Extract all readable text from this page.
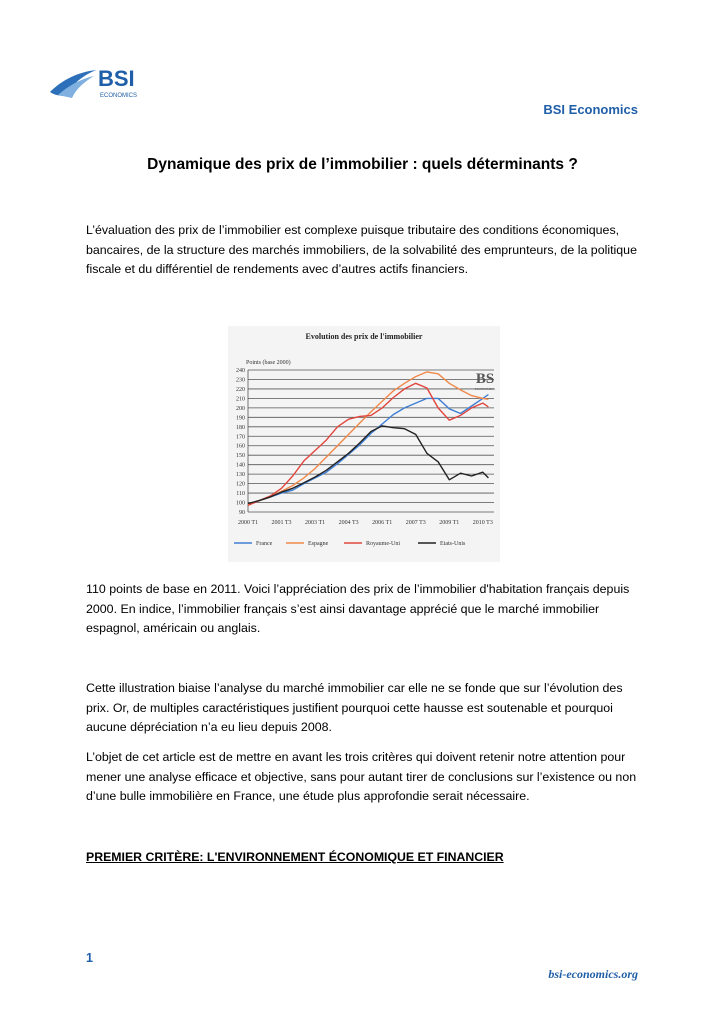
BSI
ECONOMICS
BSI Economics
Dynamique des prix de l’immobilier : quels déterminants ?

L’évaluation des prix de l’immobilier est complexe puisque tributaire des conditions économiques,

bancaires, de la structure des marchés immobiliers, de la solvabilité des emprunteurs, de la politique

fiscale et du différentiel de rendements avec d’autres actifs financiers.

Evolution des prix de l'immobilier
Points (base 2000)
90
100
110
120
130
140
150
160
170
180
190
200
210
220
230
240
2000 T1 2001 T3 2003 T1 2004 T3 2006 T1 2007 T3 2009 T1 2010 T3
BS
ECONOMICS
France	Espagne	Royaume-Uni	Etats-Unis

110 points de base en 2011. Voici l’appréciation des prix de l’immobilier d'habitation français depuis

2000. En indice, l’immobilier français s’est ainsi davantage apprécié que le marché immobilier

espagnol, américain ou anglais.

Cette illustration biaise l’analyse du marché immobilier car elle ne se fonde que sur l’évolution des

prix. Or, de multiples caractéristiques justifient pourquoi cette hausse est soutenable et pourquoi

aucune dépréciation n’a eu lieu depuis 2008.

L’objet de cet article est de mettre en avant les trois critères qui doivent retenir notre attention pour

mener une analyse efficace et objective, sans pour autant tirer de conclusions sur l’existence ou non

d’une bulle immobilière en France, une étude plus approfondie serait nécessaire.

PREMIER CRITÈRE: L'ENVIRONNEMENT ÉCONOMIQUE ET FINANCIER
1
bsi-economics.org
